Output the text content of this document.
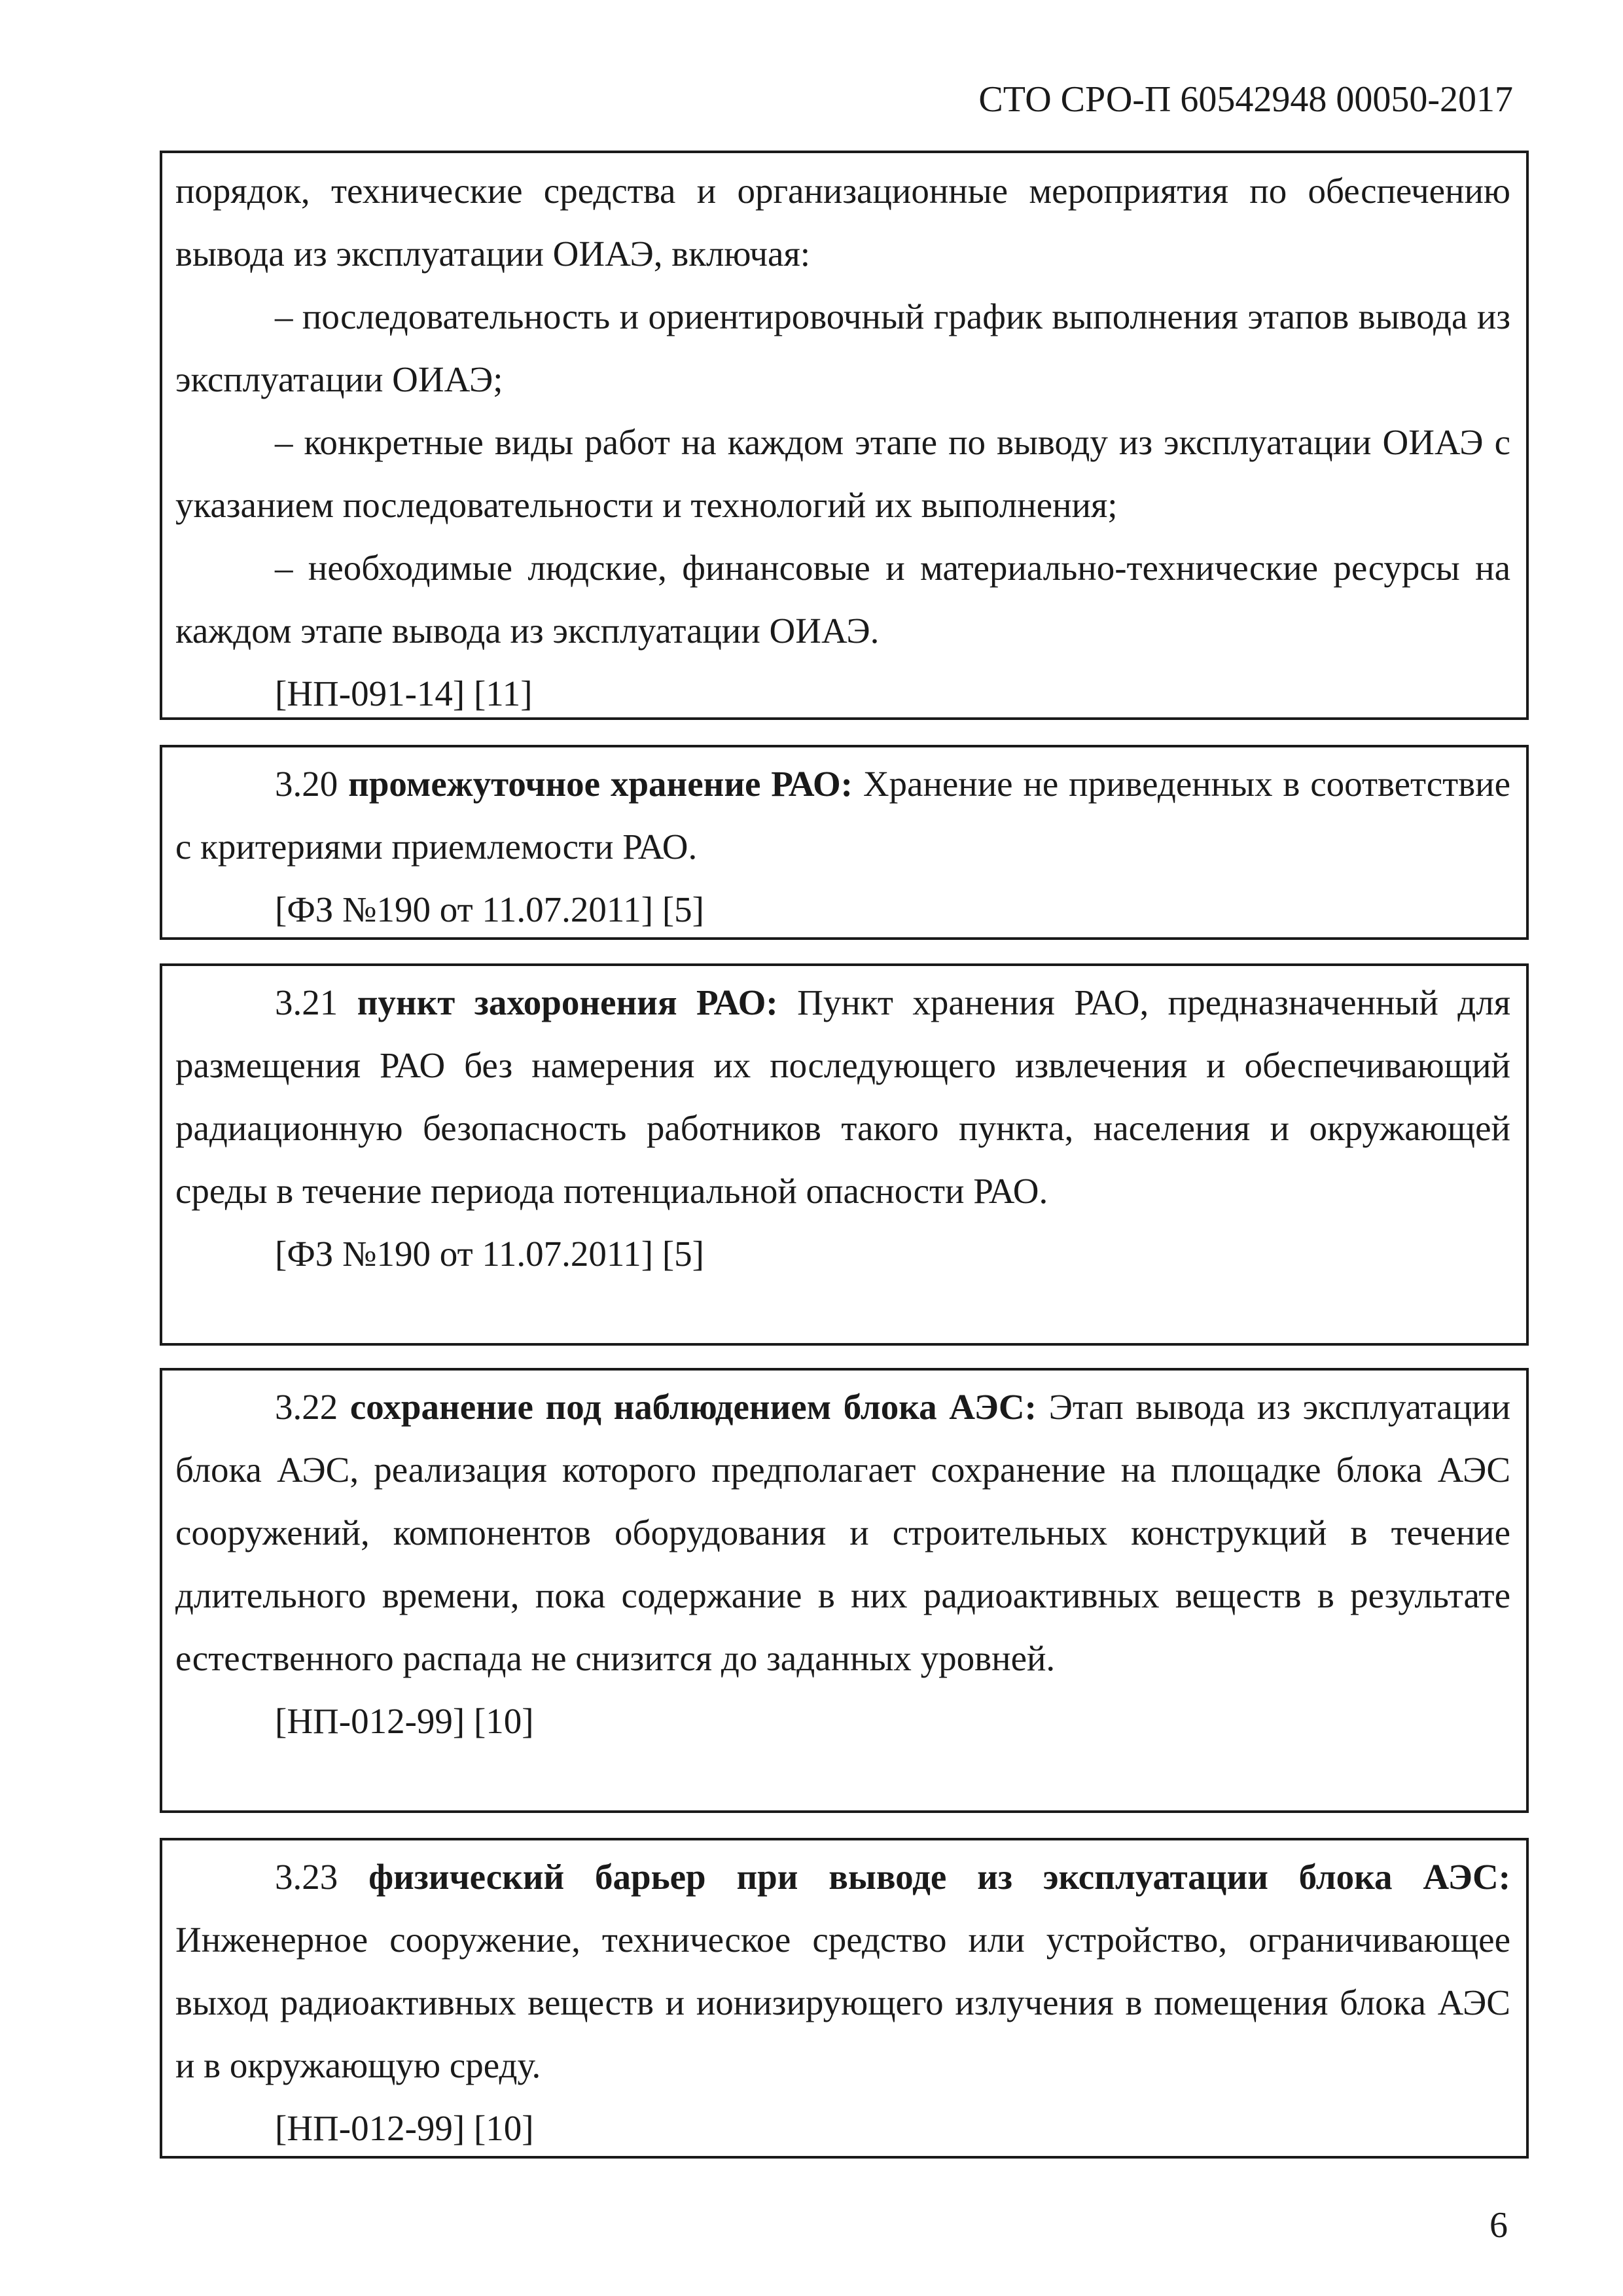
СТО СРО-П 60542948 00050-2017

порядок, технические средства и организационные мероприятия по обеспечению вывода из эксплуатации ОИАЭ, включая:

– последовательность и ориентировочный график выполнения этапов вывода из эксплуатации ОИАЭ;

– конкретные виды работ на каждом этапе по выводу из эксплуатации ОИАЭ с указанием последовательности и технологий их выполнения;

– необходимые людские, финансовые и материально-технические ресурсы на каждом этапе вывода из эксплуатации ОИАЭ.

[НП-091-14] [11]

3.20 промежуточное хранение РАО: Хранение не приведенных в соответствие с критериями приемлемости РАО.

[ФЗ №190 от 11.07.2011] [5]

3.21 пункт захоронения РАО: Пункт хранения РАО, предназначенный для размещения РАО без намерения их последующего извлечения и обеспечивающий радиационную безопасность работников такого пункта, населения и окружающей среды в течение периода потенциальной опасности РАО.

[ФЗ №190 от 11.07.2011] [5]

3.22 сохранение под наблюдением блока АЭС: Этап вывода из эксплуатации блока АЭС, реализация которого предполагает сохранение на площадке блока АЭС сооружений, компонентов оборудования и строительных конструкций в течение длительного времени, пока содержание в них радиоактивных веществ в результате естественного распада не снизится до заданных уровней.

[НП-012-99] [10]

3.23 физический барьер при выводе из эксплуатации блока АЭС: Инженерное сооружение, техническое средство или устройство, ограничивающее выход радиоактивных веществ и ионизирующего излучения в помещения блока АЭС и в окружающую среду.

[НП-012-99] [10]

6
